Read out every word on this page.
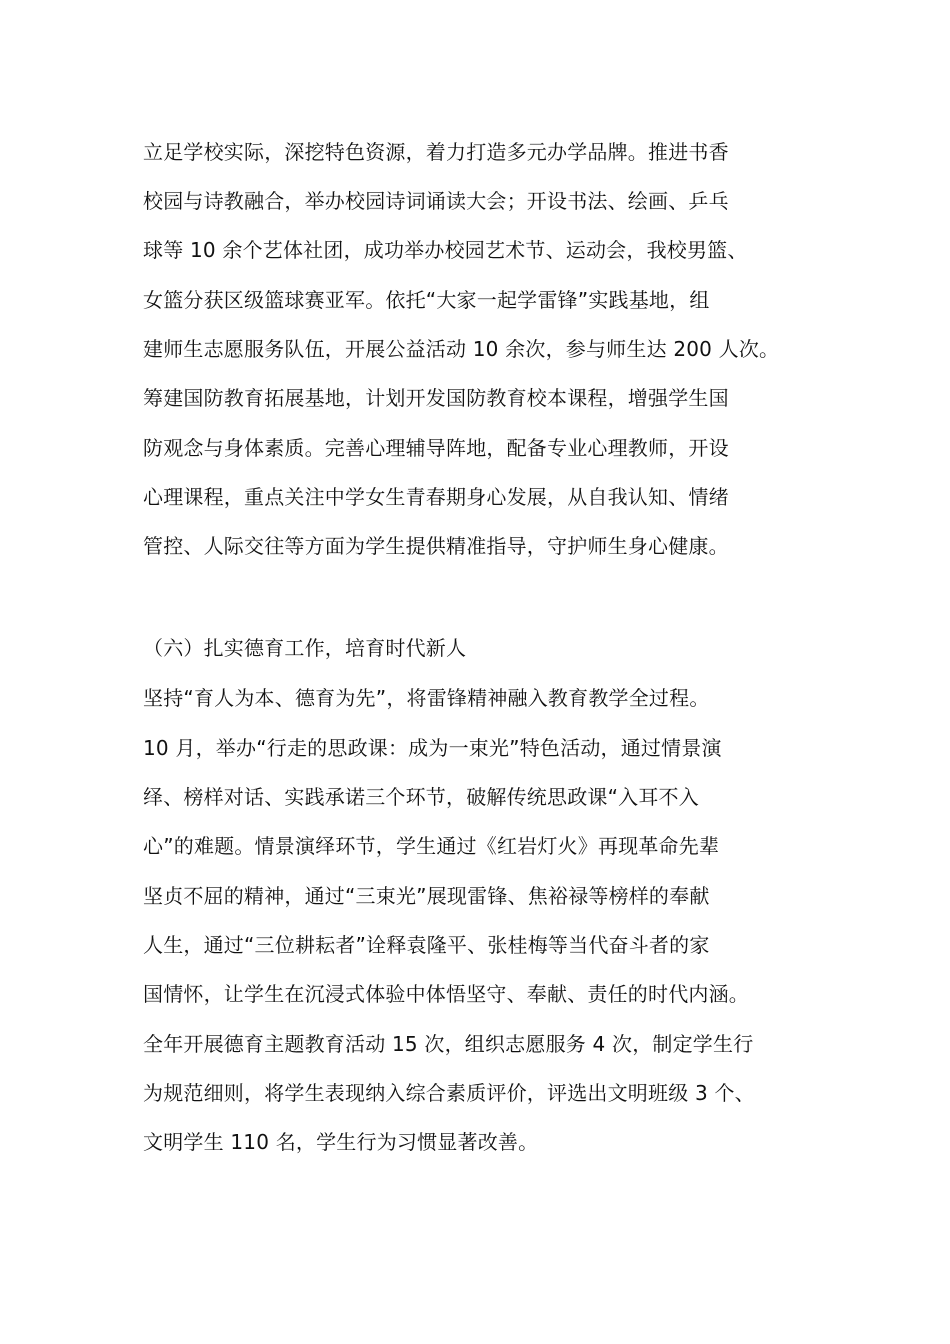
立足学校实际，深挖特色资源，着力打造多元办学品牌。推进书香
校园与诗教融合，举办校园诗词诵读大会；开设书法、绘画、乒乓
球等 10 余个艺体社团，成功举办校园艺术节、运动会，我校男篮、
女篮分获区级篮球赛亚军。依托“大家一起学雷锋”实践基地，组
建师生志愿服务队伍，开展公益活动 10 余次，参与师生达 200 人次。
筹建国防教育拓展基地，计划开发国防教育校本课程，增强学生国
防观念与身体素质。完善心理辅导阵地，配备专业心理教师，开设
心理课程，重点关注中学女生青春期身心发展，从自我认知、情绪
管控、人际交往等方面为学生提供精准指导，守护师生身心健康。
（六）扎实德育工作，培育时代新人
坚持“育人为本、德育为先”，将雷锋精神融入教育教学全过程。
10 月，举办“行走的思政课：成为一束光”特色活动，通过情景演
绎、榜样对话、实践承诺三个环节，破解传统思政课“入耳不入
心”的难题。情景演绎环节，学生通过《红岩灯火》再现革命先辈
坚贞不屈的精神，通过“三束光”展现雷锋、焦裕禄等榜样的奉献
人生，通过“三位耕耘者”诠释袁隆平、张桂梅等当代奋斗者的家
国情怀，让学生在沉浸式体验中体悟坚守、奉献、责任的时代内涵。
全年开展德育主题教育活动 15 次，组织志愿服务 4 次，制定学生行
为规范细则，将学生表现纳入综合素质评价，评选出文明班级 3 个、
文明学生 110 名，学生行为习惯显著改善。
